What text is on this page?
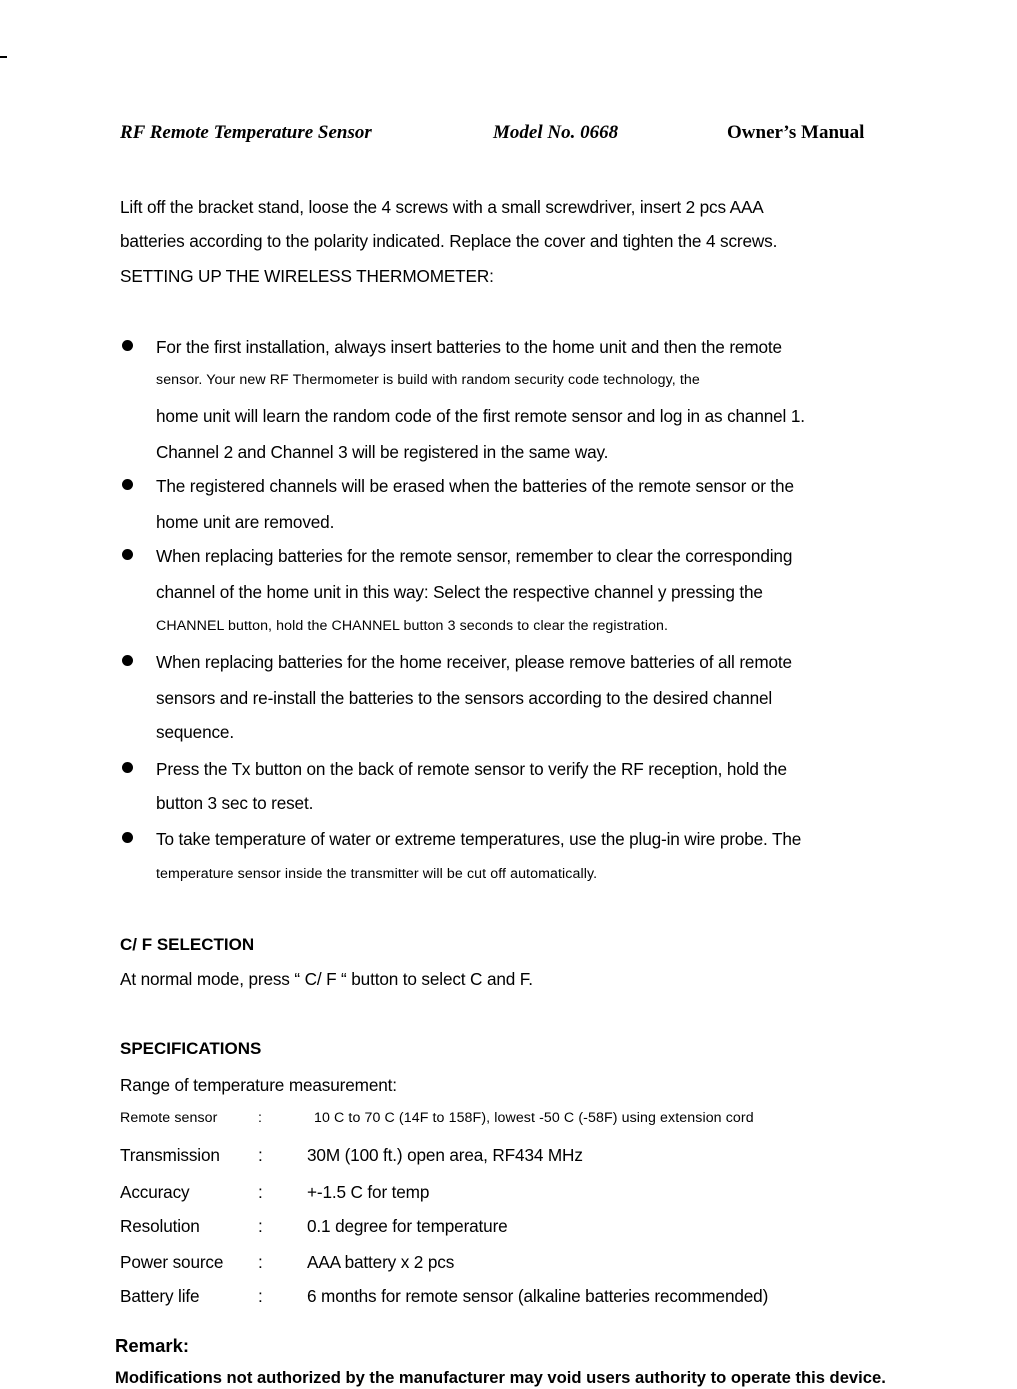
RF Remote Temperature Sensor	Model No. 0668	Owner’s Manual
Lift off the bracket stand, loose the 4 screws with a small screwdriver, insert 2 pcs AAA
batteries according to the polarity indicated. Replace the cover and tighten the 4 screws.
SETTING UP THE WIRELESS THERMOMETER:
For the first installation, always insert batteries to the home unit and then the remote
sensor. Your new RF Thermometer is build with random security code technology, the
home unit will learn the random code of the first remote sensor and log in as channel 1.
Channel 2 and Channel 3 will be registered in the same way.
The registered channels will be erased when the batteries of the remote sensor or the
home unit are removed.
When replacing batteries for the remote sensor, remember to clear the corresponding
channel of the home unit in this way: Select the respective channel y pressing the
CHANNEL button, hold the CHANNEL button 3 seconds to clear the registration.
When replacing batteries for the home receiver, please remove batteries of all remote
sensors and re-install the batteries to the sensors according to the desired channel
sequence.
Press the Tx button on the back of remote sensor to verify the RF reception, hold the
button 3 sec to reset.
To take temperature of water or extreme temperatures, use the plug-in wire probe. The
temperature sensor inside the transmitter will be cut off automatically.
C/ F SELECTION
At normal mode, press “ C/ F “ button to select C and F.
SPECIFICATIONS
Range of temperature measurement:
Remote sensor	:	10 C to 70 C (14F to 158F), lowest -50 C (-58F) using extension cord
Transmission :	30M (100 ft.) open area, RF434 MHz
Accuracy	:	+-1.5 C for temp
Resolution	:	0.1 degree for temperature
Power source :	AAA battery x 2 pcs
Battery life	:	6 months for remote sensor (alkaline batteries recommended)
Remark:
Modifications not authorized by the manufacturer may void users authority to operate this device.
